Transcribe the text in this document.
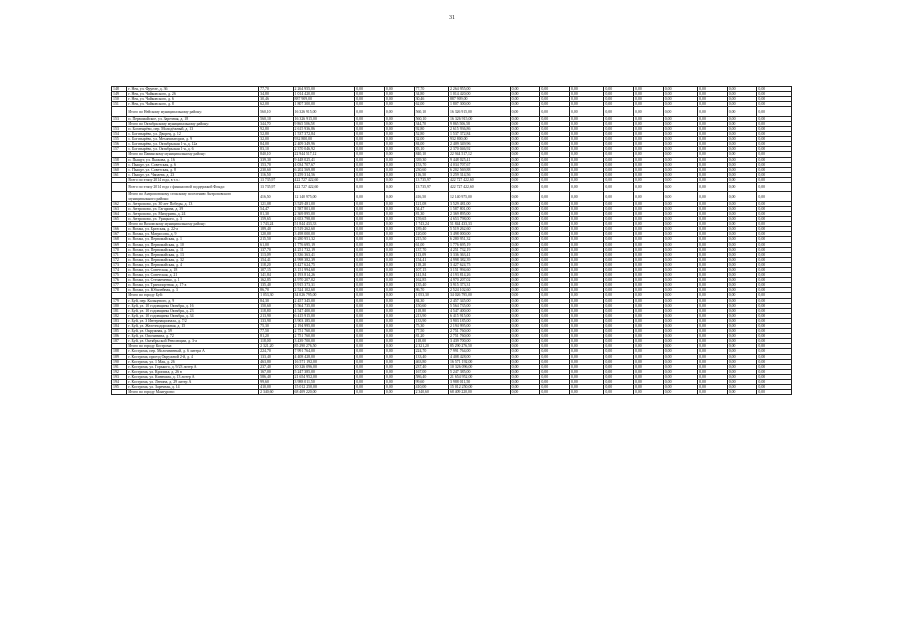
31
148	г. Нея, ул. Фрунзе, д. 36	77,70	2 264 955,00	0,00	0,00	77,70	2 264 955,00	0,00	0,00	0,00	0,00	0,00	0,00	0,00	0,00	0,00
149	г. Нея, ул. Чайковского, д. 26	34,80	1 014 420,00	0,00	0,00	34,80	1 014 420,00	0,00	0,00	0,00	0,00	0,00	0,00	0,00	0,00	0,00
150	г. Нея, ул. Чайковского, д. 6	30,46	887 909,00	0,00	0,00	30,46	887 909,00	0,00	0,00	0,00	0,00	0,00	0,00	0,00	0,00	0,00
151	г. Нея, ул. Чайковского, д. 8	62,00	1 807 300,00	0,00	0,00	62,00	1 807 300,00	0,00	0,00	0,00	0,00	0,00	0,00	0,00	0,00	0,00
	Итого по Нейскому муниципальному району:	560,10	16 326 915,00	0,00	0,00	560,10	16 326 915,00	0,00	0,00	0,00	0,00	0,00	0,00	0,00	0,00	0,00
153	п. Первомайское, ул. Заречная, д. 18	560,10	16 326 915,00	0,00	0,00	560,10	16 326 915,00	0,00	0,00	0,00	0,00	0,00	0,00	0,00	0,00	0,00
	Итого по Октябрьскому муниципальному району:	344,70	9 865 506,58	0,00	0,00	344,70	9 865 506,58	0,00	0,00	0,00	0,00	0,00	0,00	0,00	0,00	0,00
153	п. Богатырёво, пер. Молодёжный, д. 13	92,80	2 615 936,86	0,00	0,00	92,80	2 615 936,86	0,00	0,00	0,00	0,00	0,00	0,00	0,00	0,00	0,00
154	с. Богатырёво, ул. Дворец, д. 12	52,80	1 537 372,84	0,00	0,00	52,80	1 537 372,84	0,00	0,00	0,00	0,00	0,00	0,00	0,00	0,00	0,00
155	с. Богатырёво, ул. Механизаторов, д. 9	32,00	932 800,00	0,00	0,00	32,00	932 800,00	0,00	0,00	0,00	0,00	0,00	0,00	0,00	0,00	0,00
156	с. Богатырёво, ул. Октябрьская 1-я, д. 12а	84,00	2 409 349,96	0,00	0,00	84,00	2 409 349,96	0,00	0,00	0,00	0,00	0,00	0,00	0,00	0,00	0,00
157	с. Богатырёво, ул. Октябрьская 1-я, д. 6	83,10	2 370 046,92	0,00	0,00	83,10	2 370 046,92	0,00	0,00	0,00	0,00	0,00	0,00	0,00	0,00	0,00
	Итого по Павинскому муниципальному району:	840,10	22 944 517,12	0,00	0,00	840,10	22 944 517,12	0,00	0,00	0,00	0,00	0,00	0,00	0,00	0,00	0,00
158	п. Пыщуг, ул. Пыжова, д. 16	339,30	9 448 025,41	0,00	0,00	339,30	9 448 025,41	0,00	0,00	0,00	0,00	0,00	0,00	0,00	0,00	0,00
159	с. Пыщуг, ул. Советская, д. 6	153,70	4 034 707,67	0,00	0,00	153,70	4 034 707,67	0,00	0,00	0,00	0,00	0,00	0,00	0,00	0,00	0,00
160	с. Пыщуг, ул. Советская, д. 8	230,60	6 202 569,88	0,00	0,00	230,60	6 202 569,88	0,00	0,00	0,00	0,00	0,00	0,00	0,00	0,00	0,00
161	с. Пыщуг, ул. Чапаева, д. 23	116,50	3 259 314,56	0,00	0,00	116,50	3 259 314,56	0,00	0,00	0,00	0,00	0,00	0,00	0,00	0,00	0,00
	Всего по этапу 2014 года, в т.ч.:	13 735,97	422 727 422,60	0,00	0,00	13 735,97	422 727 422,60	0,00	0,00	0,00	0,00	0,00	0,00	0,00	0,00	0,00
	Всего по этапу 2014 года с финансовой поддержкой Фонда:	13 735,97	422 727 422,60	0,00	0,00	13 735,97	422 727 422,60	0,00	0,00	0,00	0,00	0,00	0,00	0,00	0,00	0,00
	Итого по Антроповскому сельскому поселению Антроповского муниципального района:	416,50	12 140 975,00	0,00	0,00	416,50	12 140 975,00	0,00	0,00	0,00	0,00	0,00	0,00	0,00	0,00	0,00
162	п. Антропово, ул. 30 лет Победы, д. 13	121,08	3 529 481,00	0,00	0,00	121,08	3 529 481,00	0,00	0,00	0,00	0,00	0,00	0,00	0,00	0,00	0,00
163	п. Антропово, ул. Гагарина, д. 39	54,47	1 587 801,00	0,00	0,00	54,47	1 587 801,00	0,00	0,00	0,00	0,00	0,00	0,00	0,00	0,00	0,00
164	п. Антропово, ул. Мичурина, д. 24	81,30	2 369 895,00	0,00	0,00	81,30	2 369 895,00	0,00	0,00	0,00	0,00	0,00	0,00	0,00	0,00	0,00
165	п. Антропово, ул. Урицкого, д. 3	159,65	4 653 798,00	0,00	0,00	159,65	4 653 798,00	0,00	0,00	0,00	0,00	0,00	0,00	0,00	0,00	0,00
	Итого по Вохомскому муниципальному району:	1 743,24	51 844 433,33	0,00	0,00	1 743,24	51 844 433,33	0,00	0,00	0,00	0,00	0,00	0,00	0,00	0,00	0,00
166	п. Вохма, ул. Братская, д. 22-а	189,40	5 519 262,60	0,00	0,00	189,40	5 519 262,60	0,00	0,00	0,00	0,00	0,00	0,00	0,00	0,00	0,00
167	п. Вохма, ул. Матросова, д. 9	120,00	3 498 000,00	0,00	0,00	120,00	3 498 000,00	0,00	0,00	0,00	0,00	0,00	0,00	0,00	0,00	0,00
168	п. Вохма, ул. Первомайская, д. 1	215,50	6 280 951,32	0,00	0,00	215,50	6 280 951,32	0,00	0,00	0,00	0,00	0,00	0,00	0,00	0,00	0,00
169	п. Вохма, ул. Первомайская, д. 10	61,00	1 776 695,19	0,00	0,00	61,00	1 776 695,19	0,00	0,00	0,00	0,00	0,00	0,00	0,00	0,00	0,00
170	п. Вохма, ул. Первомайская, д. 11	137,70	4 251 732,19	0,00	0,00	137,70	4 251 732,19	0,00	0,00	0,00	0,00	0,00	0,00	0,00	0,00	0,00
171	п. Вохма, ул. Первомайская, д. 13	113,09	3 336 363,41	0,00	0,00	113,09	3 336 363,41	0,00	0,00	0,00	0,00	0,00	0,00	0,00	0,00	0,00
172	п. Вохма, ул. Первомайская, д. 32	154,41	4 998 382,39	0,00	0,00	154,41	4 998 382,39	0,00	0,00	0,00	0,00	0,00	0,00	0,00	0,00	0,00
173	п. Вохма, ул. Первомайская, д. 4	118,20	3 427 624,75	0,00	0,00	118,20	3 427 624,75	0,00	0,00	0,00	0,00	0,00	0,00	0,00	0,00	0,00
174	п. Вохма, ул. Советская, д. 18	107,15	3 151 994,60	0,00	0,00	107,15	3 151 994,60	0,00	0,00	0,00	0,00	0,00	0,00	0,00	0,00	0,00
175	п. Вохма, ул. Советская, д. 21	141,84	4 193 814,26	0,00	0,00	141,84	4 193 814,26	0,00	0,00	0,00	0,00	0,00	0,00	0,00	0,00	0,00
176	п. Вохма, ул. Степанченко, д. 1	162,85	4 970 207,02	0,00	0,00	162,85	4 970 207,02	0,00	0,00	0,00	0,00	0,00	0,00	0,00	0,00	0,00
177	п. Вохма, ул. Транспортная, д. 17-а	135,40	3 915 373,31	0,00	0,00	135,40	3 915 373,31	0,00	0,00	0,00	0,00	0,00	0,00	0,00	0,00	0,00
178	п. Вохма, ул. Юбилейная, д. 3	86,70	2 524 102,60	0,00	0,00	86,70	2 524 102,60	0,00	0,00	0,00	0,00	0,00	0,00	0,00	0,00	0,00
	Итого по городу Буй:	1 053,30	34 026 795,00	0,00	0,00	1 053,30	34 026 795,00	0,00	0,00	0,00	0,00	0,00	0,00	0,00	0,00	0,00
179	г. Буй, пер. Кольцевого, д. 9	84,30	2 457 345,00	0,00	0,00	84,30	2 457 345,00	0,00	0,00	0,00	0,00	0,00	0,00	0,00	0,00	0,00
180	г. Буй, ул. 10 годовщины Октября, д. 16	150,60	5 564 735,00	0,00	0,00	150,60	5 564 735,00	0,00	0,00	0,00	0,00	0,00	0,00	0,00	0,00	0,00
181	г. Буй, ул. 10 годовщины Октября, д. 23	118,80	4 547 400,00	0,00	0,00	118,80	4 547 400,00	0,00	0,00	0,00	0,00	0,00	0,00	0,00	0,00	0,00
182	г. Буй, ул. 10 годовщины Октября, д. 34	213,90	6 415 915,00	0,00	0,00	213,90	6 415 915,00	0,00	0,00	0,00	0,00	0,00	0,00	0,00	0,00	0,00
183	г. Буй, ул. 3 Интернационала, д. 7/2	133,90	3 903 185,00	0,00	0,00	133,90	3 903 185,00	0,00	0,00	0,00	0,00	0,00	0,00	0,00	0,00	0,00
184	г. Буй, ул. Железнодорожная, д. 15	75,30	2 194 995,00	0,00	0,00	75,30	2 194 995,00	0,00	0,00	0,00	0,00	0,00	0,00	0,00	0,00	0,00
185	г. Буй, ул. Окружная, д. 59	77,50	2 751 760,00	0,00	0,00	77,50	2 751 760,00	0,00	0,00	0,00	0,00	0,00	0,00	0,00	0,00	0,00
186	г. Буй, ул. Опочинина, д. 72	81,20	2 751 760,00	0,00	0,00	81,20	2 751 760,00	0,00	0,00	0,00	0,00	0,00	0,00	0,00	0,00	0,00
187	г. Буй, ул. Октябрьской Революции, д. 3-а	118,00	3 439 700,00	0,00	0,00	118,00	3 439 700,00	0,00	0,00	0,00	0,00	0,00	0,00	0,00	0,00	0,00
	Итого по городу Кострома:	2 321,20	85 290 276,50	0,00	0,00	2 321,20	85 290 276,50	0,00	0,00	0,00	0,00	0,00	0,00	0,00	0,00	0,00
188	г. Кострома, пер. Молочнинный, д. 6 литера А	224,70	7 991 764,00	0,00	0,00	224,70	7 991 764,00	0,00	0,00	0,00	0,00	0,00	0,00	0,00	0,00	0,00
189	г. Кострома, проезд Окружной 2-й, д. 4	133,40	4 408 428,00	0,00	0,00	133,40	4 408 428,00	0,00	0,00	0,00	0,00	0,00	0,00	0,00	0,00	0,00
190	г. Кострома, ул. 1 Мая, д. 26	463,80	16 571 192,00	0,00	0,00	463,80	16 571 192,00	0,00	0,00	0,00	0,00	0,00	0,00	0,00	0,00	0,00
191	г. Кострома, ул. Горького, д. 9/23 литер А	237,40	10 326 096,00	0,00	0,00	237,40	10 326 096,00	0,00	0,00	0,00	0,00	0,00	0,00	0,00	0,00	0,00
192	г. Кострома, ул. Кропиха, д. 26 в	167,00	5 247 385,00	0,00	0,00	167,00	5 247 385,00	0,00	0,00	0,00	0,00	0,00	0,00	0,00	0,00	0,00
193	г. Кострома, ул. Кинешма, д. 13 литер А	586,40	21 654 952,00	0,00	0,00	586,40	21 654 952,00	0,00	0,00	0,00	0,00	0,00	0,00	0,00	0,00	0,00
194	г. Кострома, ул. Ленина, д. 29 литер А	99,60	3 988 011,50	0,00	0,00	99,60	3 988 011,50	0,00	0,00	0,00	0,00	0,00	0,00	0,00	0,00	0,00
195	г. Кострома, ул. Заречная, д. 14	410,00	15 012 250,00	0,00	0,00	410,00	15 012 250,00	0,00	0,00	0,00	0,00	0,00	0,00	0,00	0,00	0,00
	Итого по городу Мантурово:	2 340,60	68 409 220,00	0,00	0,00	2 340,60	68 409 220,00	0,00	0,00	0,00	0,00	0,00	0,00	0,00	0,00	0,00
